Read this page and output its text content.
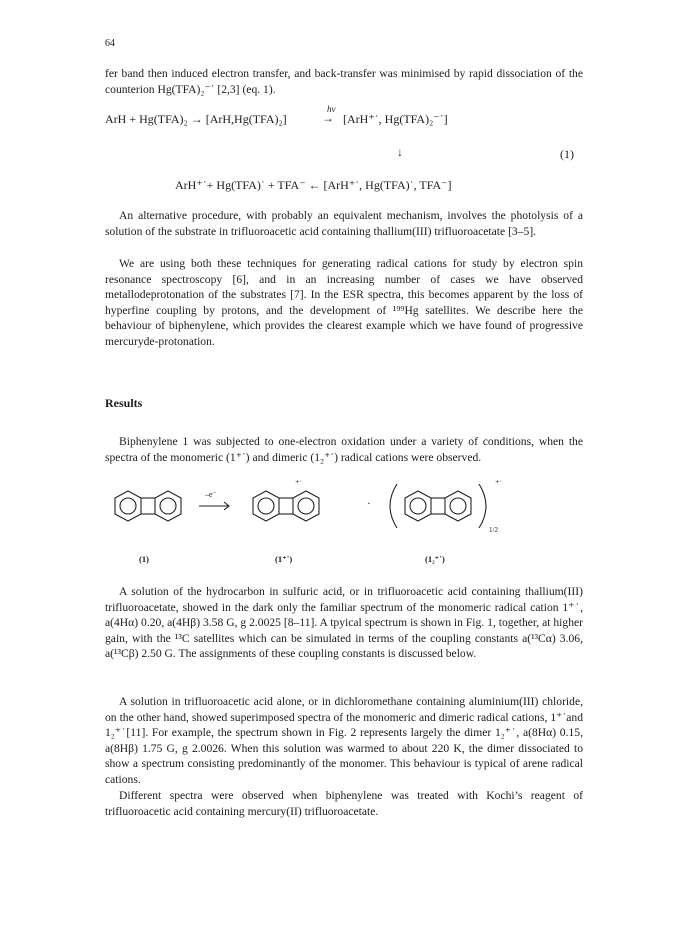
64
fer band then induced electron transfer, and back-transfer was minimised by rapid dissociation of the counterion Hg(TFA)₂⁻˙ [2,3] (eq. 1).
ArH + Hg(TFA)₂ → [ArH,Hg(TFA)₂]
hν
→ [ArH⁺˙, Hg(TFA)₂⁻˙]
↓	(1)
ArH⁺˙+ Hg(TFA)˙ + TFA⁻ ← [ArH⁺˙, Hg(TFA)˙, TFA⁻]
An alternative procedure, with probably an equivalent mechanism, involves the photolysis of a solution of the substrate in trifluoroacetic acid containing thallium(III) trifluoroacetate [3–5].
We are using both these techniques for generating radical cations for study by electron spin resonance spectroscopy [6], and in an increasing number of cases we have observed metallodeprotonation of the substrates [7]. In the ESR spectra, this becomes apparent by the loss of hyperfine coupling by protons, and the development of ¹⁹⁹Hg satellites. We describe here the behaviour of biphenylene, which provides the clearest example which we have found of progressive mercuryde-protonation.
Results
Biphenylene 1 was subjected to one-electron oxidation under a variety of conditions, when the spectra of the monomeric (1⁺˙) and dimeric (1₂⁺˙) radical cations were observed.
–e⁻
⁺˙
·
⁺˙
1/2
(1)	(1⁺˙)	(1₂⁺˙)
A solution of the hydrocarbon in sulfuric acid, or in trifluoroacetic acid containing thallium(III) trifluoroacetate, showed in the dark only the familiar spectrum of the monomeric radical cation 1⁺˙, a(4Hα) 0.20, a(4Hβ) 3.58 G, g 2.0025 [8–11]. A tpyical spectrum is shown in Fig. 1, together, at higher gain, with the ¹³C satellites which can be simulated in terms of the coupling constants a(¹³Cα) 3.06, a(¹³Cβ) 2.50 G. The assignments of these coupling constants is discussed below.
A solution in trifluoroacetic acid alone, or in dichloromethane containing aluminium(III) chloride, on the other hand, showed superimposed spectra of the monomeric and dimeric radical cations, 1⁺˙and 1₂⁺˙[11]. For example, the spectrum shown in Fig. 2 represents largely the dimer 1₂⁺˙, a(8Hα) 0.15, a(8Hβ) 1.75 G, g 2.0026. When this solution was warmed to about 220 K, the dimer dissociated to show a spectrum consisting predominantly of the monomer. This behaviour is typical of arene radical cations.
Different spectra were observed when biphenylene was treated with Kochi’s reagent of trifluoroacetic acid containing mercury(II) trifluoroacetate.
